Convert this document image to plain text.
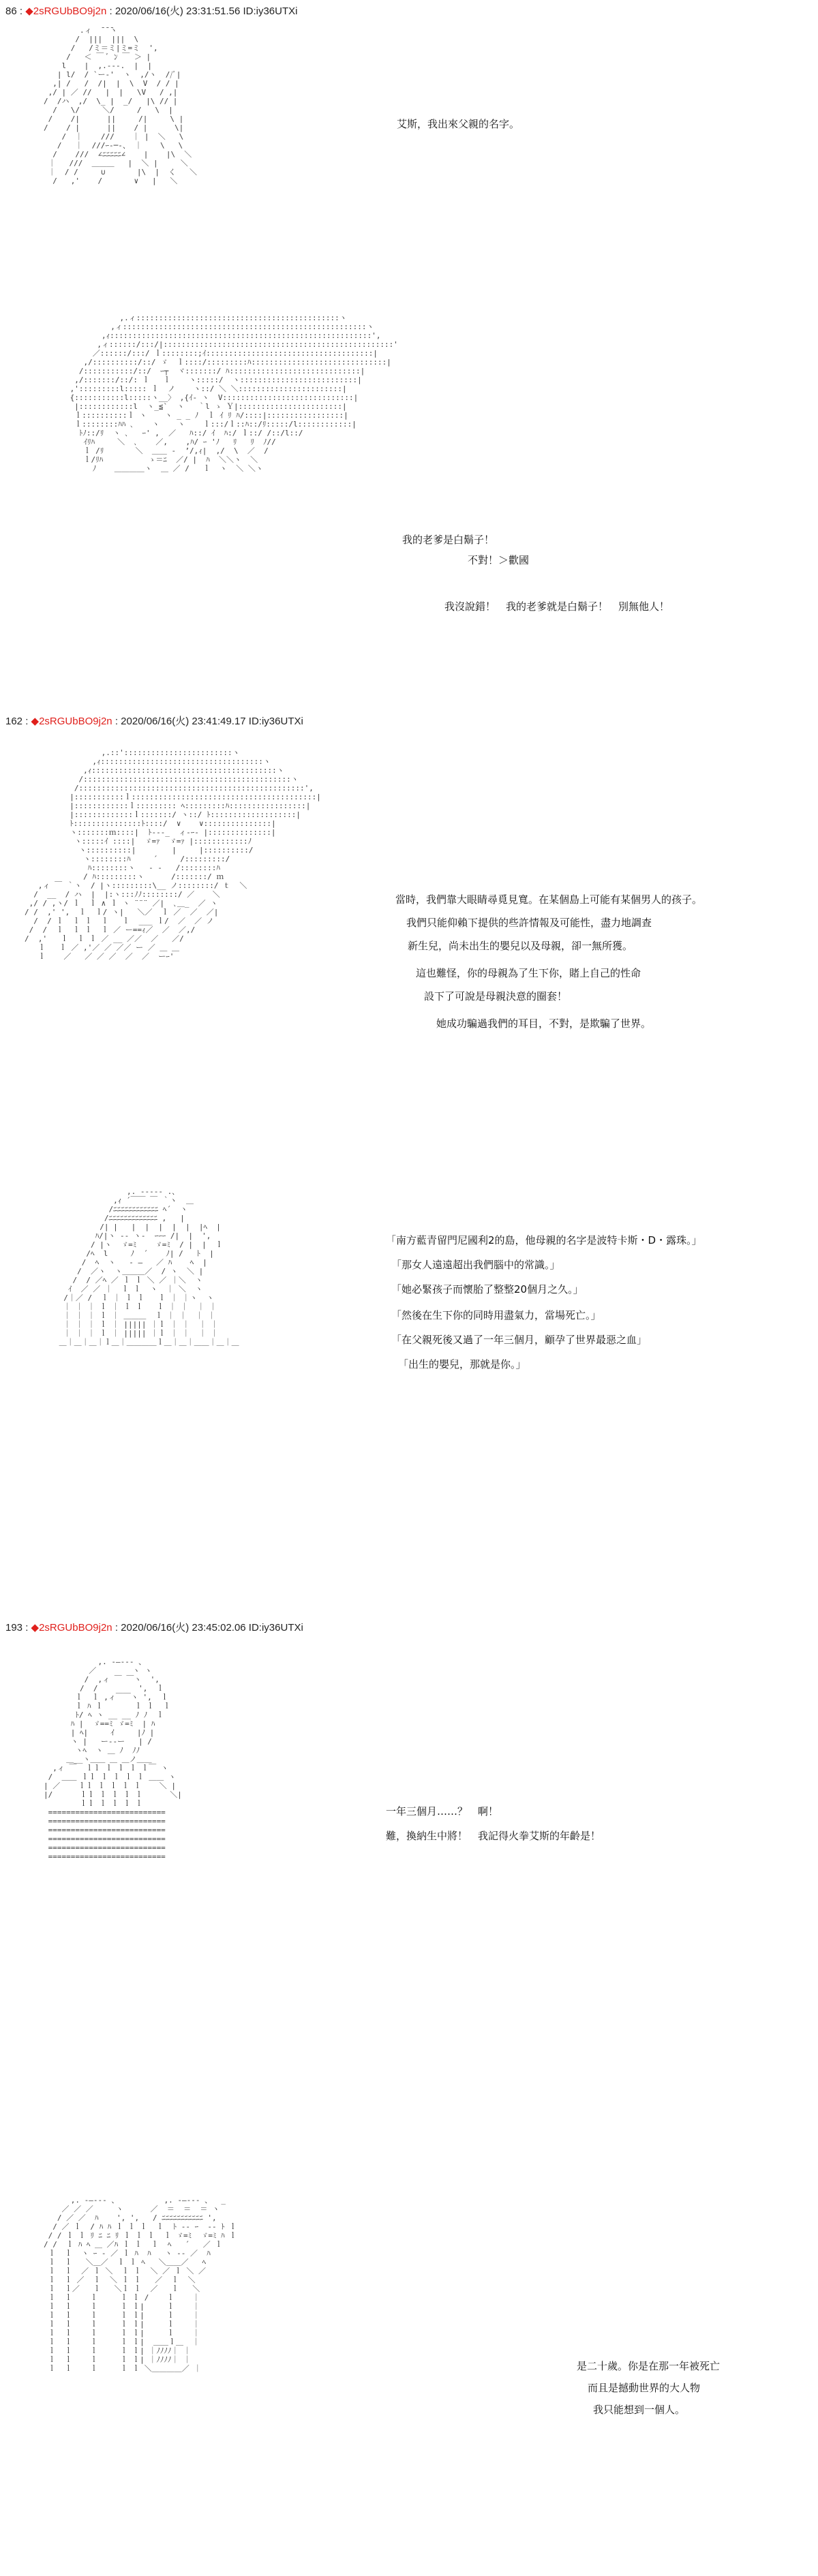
86 : ◆2sRGUbBO9j2n : 2020/06/16(火) 23:31:51.56 ID:iy36UTXi
.ィ  ̄ ̄ ̄ヽ
/  |||  |||  \
/   /ミ＝ミ|ミ=ミ  ',
/   ＜ ￣ ﾞ ﾝ ￣ ＞ |
l    |  ,.-‐-.  |  |
| l/  / `ー‐'  ヽ  ,/ヽ  //ﾞ|
,| /   /  /|  |  \  V  / / |
,/ | ／ //   |  |   \V   / ,|
/  /ハ  ,/  \_ |  _/   |\ // |
/   \/     ＼/     /   \  |
/    /|      ||     /|     \ |
/    / |      ||    / |      \|
/  ｜    ///    ｜ |  ＼   \
/   ｜  ///ｰ‐─-、 ｜    \   \
/    ///  ∠ﾆﾆﾆﾆﾆ∠    |    |\  ＼
｜   ///  ＿＿＿   |  ＼ |     ＼
｜  / /     ∪       |\  |  く   ＼
/   ,'    /       ∨   |   ＼
艾斯，我出來父親的名字。
,.ィ:::::::::::::::::::::::::::::::::::::::::::::ヽ
,ィ::::::::::::::::::::::::::::::::::::::::::::::::::::::ヽ
,ｨ::::::::::::::::::::::::::::::::::::::::::::::::::::::::::',
,ィ::::::/:::/|:::::::::::::::::::::::::::::::::::::::::::::::::::'
／::::::/:::/ ｌ::::::::;ｲ:::::::::::::::::::::::::::::::::::::|
,/::::::::::/::/ ゞ  ｌ::::/:::::::::ﾊ::::::::::::::::::::::::::::::|
/:::::::::::/::/  ｰ┬  ヾ:::::::/ ﾊ:::::::::::::::::::::::::::::|
,/:::::::/::/: ｌ   ｌ    ヽ:::::/  ヽ::::::::::::::::::::::::::|
,':::::::::l::::: ｌ  ノ    ヽ::/ ＼ ＼:::::::::::::::::::::::|
{:::::::::::l:::::ヽ__〉 ,{ｲ‐ ヽ  V:::::::::::::::::::::::::::::|
|::::::::::::l  ヽ_≦`  ヽ   ｀l ゝ Ｙ|:::::::::::::::::::::::|
ｌ::::::::::ｌ ヽ    ヽ _ _ ﾉ  ｌ ｲ ﾘ ﾊ/::::|:::::::::::::::::|
ｌ::::::::ﾊﾊ ､    ヽ    ヽ    ｌ:::/ｌ::ﾊ::/ﾘ:::::/l::::::::::::|
ﾄﾉ::/ﾘ  ヽ ､   ｰ' ,  ／   ﾊ::/ ｲ  ﾊ:/ ｌ::/ /::/l::/
ｲﾘﾊ     ＼  ､    ／,    ,ﾊ/ ｰ 'ﾉ   ﾘ   ﾘ  ﾉ//
ｌ /ﾘ       ＼  ＿＿ ‐  ’/,ｨ|  ,/  \  ／  /
ｌ/ﾘﾊ          ゝ＝ﾆ  ／/ |  ﾊ  ＼＼ヽ  ＼
ﾉ    ＿＿＿＿ヽ  ＿ ／ /   ｌ  ヽ  ＼ ＼ヽ
我的老爹是白鬍子！
不對！＞歡國
我沒說錯！　我的老爹就是白鬍子！　別無他人！
162 : ◆2sRGUbBO9j2n : 2020/06/16(火) 23:41:49.17 ID:iy36UTXi
,.::'::::::::::::::::::::::::ヽ
,ｨ::::::::::::::::::::::::::::::::::::ヽ
,ｨ:::::::::::::::::::::::::::::::::::::::::ヽ
/::::::::::::::::::::::::::::::::::::::::::::::ヽ
/::::::::::::::::::::::::::::::::::::::::::::::::::',
|:::::::::::ｌ:::::::::::::::::::::::::::::::::::::::::|
|::::::::::::ｌ::::::::: ﾍ:::::::::ﾊ:::::::::::::::::|
|:::::::::::::ｌ:::::::/ ヽ::/ ﾄ:::::::::::::::::::|
ﾄ:::::::::::::::ﾄ::::/  ∨    ∨:::::::::::::::|
ヽ:::::::ｍ::::|  ﾄ-‐‐_  ィ‐ｰ- |::::::::::::::|
ヽ:::::ｲ ::::|  ゞ=ｧ  ゞ=ｧ |::::::::::::ﾉ
ヽ::::::::::|        |     |::::::::::/
ヽ::::::::ﾊ     ´     /:::::::::/
ﾊ::::::::ヽ   ‐ ‐   /::::::::ﾊ
/ ﾊ:::::::::ヽ      /:::::::/ ｍ
,ィ ￣ ｀ヽ  / |ヽ:::::::::\__ ノ::::::::/ ｔ  ＼
/  __  / ハ  |  |:ヽ:::ﾉﾉ::::::::/ ／    ＼
,/ / ,ヽ/ ｌ  ｌ ∧ ｌ ヽ ¨¨¨ ／|  ､＿_  ／ ヽ
/ /  ,' ',  ｌ  ｌ/ ヽ|   ＼／  ｌ ／  ／  ／|
/  / ｌ  ｌ ｌ  ｌ   ｌ  ___ ｌ/  ／  ／ ノ
/  /  ｌ  ｌ ｌ  ｌ ／ ー==ｨ／  ／  ／,/
/  ,'   ｌ  ｌ ｌ ／ __ ／／  ／   ／/
ｌ   ｌ ／ ,'／ ／ ／／ ー ／ ＿ ＿
ｌ    ／   ／ ／ ／  ／  ／  ーｰ'
當時，我們靠大眼睛尋覓見寬。在某個島上可能有某個男人的孩子。
我們只能仰賴下提供的些許情報及可能性，盡力地調查
新生兒，尚未出生的嬰兒以及母親，卻一無所獲。
這也難怪，你的母親為了生下你，賭上自己的性命
設下了可說是母親決意的圈套！
她成功騙過我們的耳目，不對，是欺騙了世界。
,. -‐‐‐- .、
,ｨ ´￣￣ ￣ ｀ヽ  ＿
/ﾆﾆﾆﾆﾆﾆﾆﾆﾆﾆﾆﾆ ﾍ´  ヽ
/ﾆﾆﾆﾆﾆﾆﾆﾆﾆﾆﾆﾆﾆ ,   |
/| |   |  |  |  |  |  |ﾍ  |
ﾊ/|ヽ ‐‐ ヽ-  ｰｰｰ /|  |  ',
/ |ヽ  ゞ=ﾐ    ゞ=ﾐ  / |  |  ｌ
/ﾍ  l     ﾉ  ´    ﾉ| /   ﾄ  |
/  ﾍ  ヽ   ‐ ―   ／ ﾊ    ﾍ  |
/  ／ヽ  ヽ＿＿＿／  / ヽ  ＼ |
/  / ／ﾍ ／ ｌ ｌ ＼ ／ ｜＼  ヽ
ｲ  ／ ／ ｜  ｌ ｌ  ヽ  ｜ ＼  ヽ
/｜／ /  ｌ ｜ ｌ ｌ   ｌ ｜ ｜ヽ  ヽ
｜ ｜ ｜ ｌ ｜ ｌ ｌ   ｌ ｜ ｜  ｜ ｜
｜ ｜ ｜ ｌ ｜ ＿＿＿  ｌ ｜ ｜  ｜ ｜
｜ ｜ ｜ ｌ ｜ ||||| ｜ｌ ｜ ｜  ｜ ｜
｜ ｜ ｜ ｌ ｜ ||||| ｜ｌ ｜ ｜  ｜ ｜
＿｜＿｜＿｜ｌ＿｜＿＿＿＿ｌ＿｜＿｜＿＿｜＿｜＿
「南方藍青留門尼國利2的島，他母親的名字是波特卡斯・D・露珠。」
「那女人遠遠超出我們腦中的常識。」
「她必緊孩子而懷胎了整整20個月之久。」
「然後在生下你的同時用盡氣力，當場死亡。」
「在父親死後又過了一年三個月，顧孕了世界最惡之血」
「出生的嬰兒，那就是你。」
193 : ◆2sRGUbBO9j2n : 2020/06/16(火) 23:45:02.06 ID:iy36UTXi
,. -―‐‐- 、
／        ヽ ヽ
/  ,ィ ￣ ￣ヽ  ',
/  /         ',  ｌ
ｌ  ｌ ,ィ￣￣ヽ ',  ｌ
ｌ ﾊ ｌ       ｌ ｌ  ｌ
ﾄ/ ﾍ ヽ __ __ ﾉ ﾉ  ｌ
ﾊ |  ゞ==ﾐ ゞ=ﾐ  | ﾊ
| ﾍ|     ｲ     |ﾉ |
ヽ |   ー‐‐ー   | /
ヽﾍ  ヽ ＿ ﾉ  ﾉﾉ
＿__ヽ＿＿ ＿ ＿ノ＿＿
,ィ ￣  ｌｌ ｌ ｌ ｌ ｌ￣ ヽ
/  ＿＿ ｌｌ ｌ ｌ ｌ ｌ ＿＿ ヽ
| ／    ｌｌ ｌ ｌ ｌ ｌ    ＼ |
|/      ｌｌ ｌ ｌ ｌ ｌ      ＼|
ｌｌ ｌ ｌ ｌ ｌ
==========================
==========================
==========================
==========================
==========================
==========================
一年三個月……？　啊！
難，換納生中將！　我記得火拳艾斯的年齡是！
,. -―‐‐- 、          ,. -―‐‐- 、  _
／ ／ ／     ヽ      ／  ＝  ＝  ＝ ヽ
/ ／ ／  ﾊ    ', ',   / ﾆﾆﾆﾆﾆﾆﾆﾆﾆﾆﾆ ',
/ ／ ｌ  / ﾊ ﾊ ｌ ｌ ｌ  ｌ  ﾄ ‐‐ ｰ  ‐‐ ﾄ ｌ
/ / ｌ ｌ ﾘ ﾆ ﾆ ﾘ ｌ ｌ ｌ  ｌ ゞ=ﾐ  ゞ=ﾐ ﾊ ｌ
/ /  ｌ ﾊ ﾍ ＿ ／ﾊ ｌ ｌ  ｌ  ﾍ   ´   ／ ｌ
ｌ  ｌ  ヽ ｰ ‐ ／ ｌ ﾊ  ﾊ   ヽ ‐‐ ／  ﾊ
ｌ  ｌ   ＼＿／  ｌ ｌ ﾍ   ＼＿＿／   ﾍ
ｌ  ｌ  ／ ｌ ＼  ｌ ｌ  ＼ ／ ｌ ＼ ／
ｌ  ｌ ／  ｌ  ＼ ｌ ｌ   ／  ｌ  ＼
ｌ  ｌ／   ｌ   ＼ｌ ｌ  ／   ｌ   ＼
ｌ  ｌ    ｌ     ｌ ｌ /    ｌ    ｜
ｌ  ｌ    ｌ     ｌ ｌ|     ｌ    ｜
ｌ  ｌ    ｌ     ｌ ｌ|     ｌ    ｜
ｌ  ｌ    ｌ     ｌ ｌ|     ｌ    ｜
ｌ  ｌ    ｌ     ｌ ｌ|     ｌ    ｜
ｌ  ｌ    ｌ     ｌ ｌ|  ＿＿ｌ＿  ｜
ｌ  ｌ    ｌ     ｌ ｌ| ｜ﾉﾉﾉﾉ｜ ｜
ｌ  ｌ    ｌ     ｌ ｌ| ｜ﾉﾉﾉﾉ｜ ｜
ｌ  ｌ    ｌ     ｌ ｌ ＼＿＿＿＿／ ｜	是二十歲。你是在那一年被死亡
而且是撼動世界的大人物
我只能想到一個人。
